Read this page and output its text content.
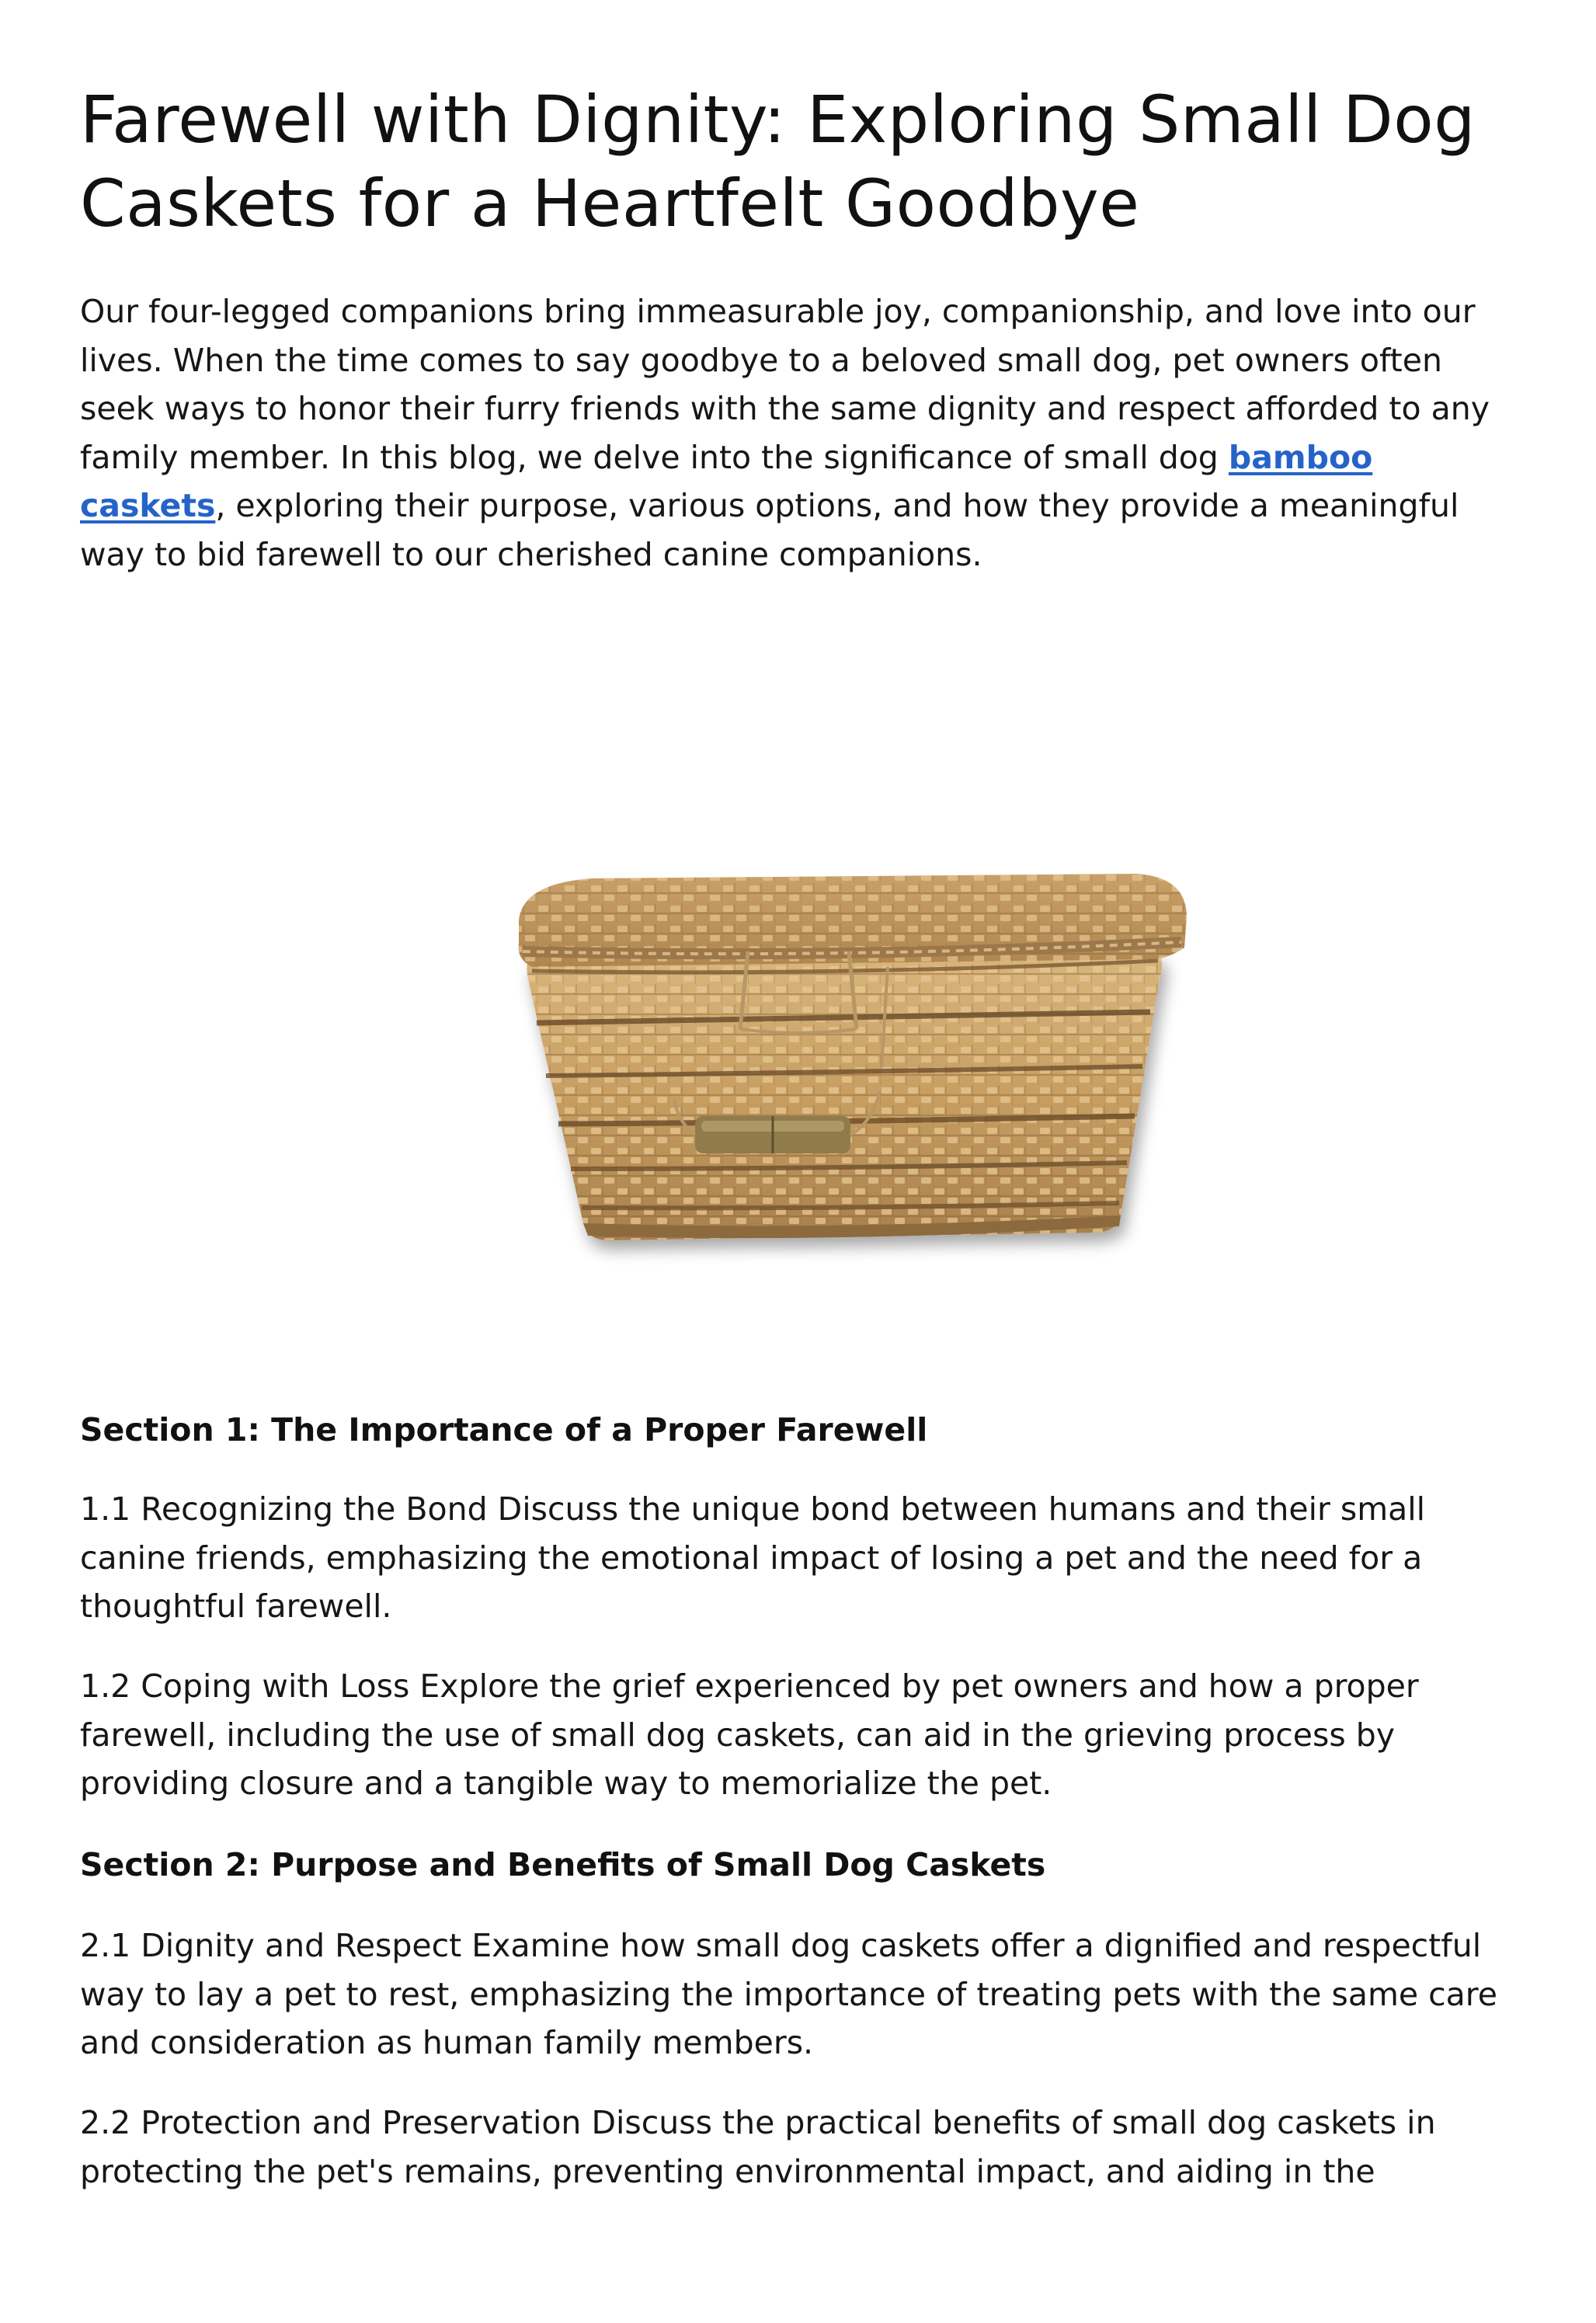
Farewell with Dignity: Exploring Small Dog Caskets for a Heartfelt Goodbye

Our four-legged companions bring immeasurable joy, companionship, and love into our lives. When the time comes to say goodbye to a beloved small dog, pet owners often seek ways to honor their furry friends with the same dignity and respect afforded to any family member. In this blog, we delve into the significance of small dog bamboo caskets, exploring their purpose, various options, and how they provide a meaningful way to bid farewell to our cherished canine companions.

Section 1: The Importance of a Proper Farewell

1.1 Recognizing the Bond Discuss the unique bond between humans and their small canine friends, emphasizing the emotional impact of losing a pet and the need for a thoughtful farewell.

1.2 Coping with Loss Explore the grief experienced by pet owners and how a proper farewell, including the use of small dog caskets, can aid in the grieving process by providing closure and a tangible way to memorialize the pet.

Section 2: Purpose and Benefits of Small Dog Caskets

2.1 Dignity and Respect Examine how small dog caskets offer a dignified and respectful way to lay a pet to rest, emphasizing the importance of treating pets with the same care and consideration as human family members.

2.2 Protection and Preservation Discuss the practical benefits of small dog caskets in protecting the pet's remains, preventing environmental impact, and aiding in the
